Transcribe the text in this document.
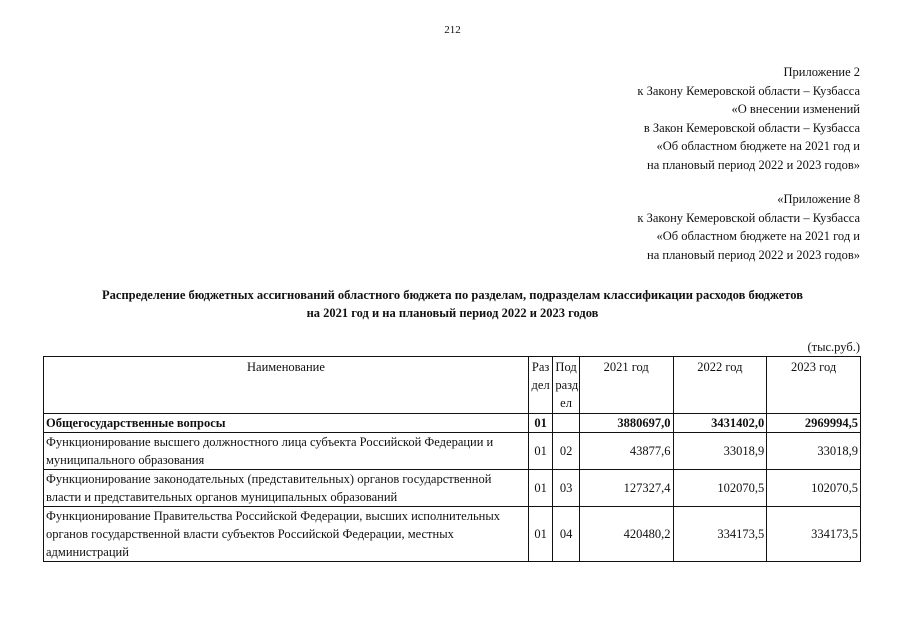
212
Приложение 2
к Закону Кемеровской области – Кузбасса
«О внесении изменений
в Закон Кемеровской области – Кузбасса
«Об областном бюджете на 2021 год и
на плановый период 2022 и 2023 годов»
«Приложение 8
к Закону Кемеровской области – Кузбасса
«Об областном бюджете на 2021 год и
на плановый период 2022 и 2023 годов»
Распределение бюджетных ассигнований областного бюджета по разделам, подразделам классификации расходов бюджетов
на 2021 год и на плановый период 2022 и 2023 годов
(тыс.руб.)
Наименование	Раз дел	Под разд ел	2021 год	2022 год	2023 год
Общегосударственные вопросы	01		3880697,0	3431402,0	2969994,5
Функционирование высшего должностного лица субъекта Российской Федерации и муниципального образования	01	02	43877,6	33018,9	33018,9
Функционирование законодательных (представительных) органов государственной власти и представительных органов муниципальных образований	01	03	127327,4	102070,5	102070,5
Функционирование Правительства Российской Федерации, высших исполнительных органов государственной власти субъектов Российской Федерации, местных администраций	01	04	420480,2	334173,5	334173,5
